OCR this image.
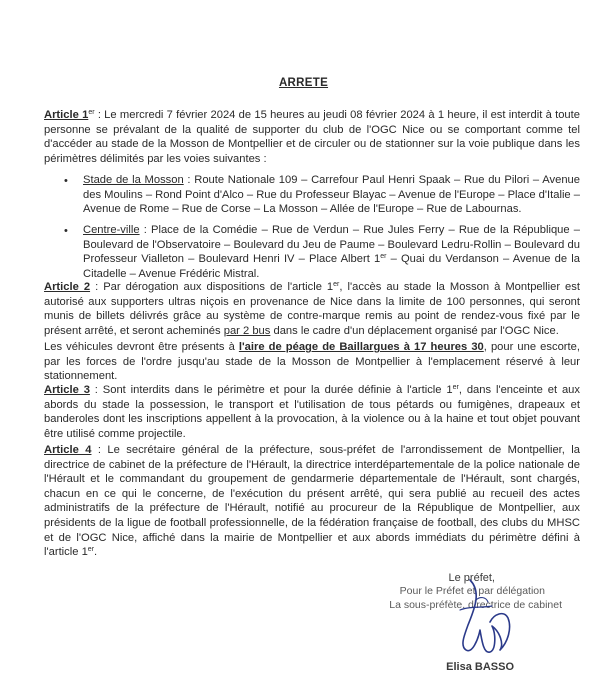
ARRETE
Article 1er : Le mercredi 7 février 2024 de 15 heures au jeudi 08 février 2024 à 1 heure, il est interdit à toute personne se prévalant de la qualité de supporter du club de l'OGC Nice ou se comportant comme tel d'accéder au stade de la Mosson de Montpellier et de circuler ou de stationner sur la voie publique dans les périmètres délimités par les voies suivantes :
• Stade de la Mosson : Route Nationale 109 – Carrefour Paul Henri Spaak – Rue du Pilori – Avenue des Moulins – Rond Point d'Alco – Rue du Professeur Blayac – Avenue de l'Europe – Place d'Italie – Avenue de Rome – Rue de Corse – La Mosson – Allée de l'Europe – Rue de Labournas.
• Centre-ville : Place de la Comédie – Rue de Verdun – Rue Jules Ferry – Rue de la République – Boulevard de l'Observatoire – Boulevard du Jeu de Paume – Boulevard Ledru-Rollin – Boulevard du Professeur Vialleton – Boulevard Henri IV – Place Albert 1er – Quai du Verdanson – Avenue de la Citadelle – Avenue Frédéric Mistral.
Article 2 : Par dérogation aux dispositions de l'article 1er, l'accès au stade la Mosson à Montpellier est autorisé aux supporters ultras niçois en provenance de Nice dans la limite de 100 personnes, qui seront munis de billets délivrés grâce au système de contre-marque remis au point de rendez-vous fixé par le présent arrêté, et seront acheminés par 2 bus dans le cadre d'un déplacement organisé par l'OGC Nice.
Les véhicules devront être présents à l'aire de péage de Baillargues à 17 heures 30, pour une escorte, par les forces de l'ordre jusqu'au stade de la Mosson de Montpellier à l'emplacement réservé à leur stationnement.
Article 3 : Sont interdits dans le périmètre et pour la durée définie à l'article 1er, dans l'enceinte et aux abords du stade la possession, le transport et l'utilisation de tous pétards ou fumigènes, drapeaux et banderoles dont les inscriptions appellent à la provocation, à la violence ou à la haine et tout objet pouvant être utilisé comme projectile.
Article 4 : Le secrétaire général de la préfecture, sous-préfet de l'arrondissement de Montpellier, la directrice de cabinet de la préfecture de l'Hérault, la directrice interdépartementale de la police nationale de l'Hérault et le commandant du groupement de gendarmerie départementale de l'Hérault, sont chargés, chacun en ce qui le concerne, de l'exécution du présent arrêté, qui sera publié au recueil des actes administratifs de la préfecture de l'Hérault, notifié au procureur de la République de Montpellier, aux présidents de la ligue de football professionnelle, de la fédération française de football, des clubs du MHSC et de l'OGC Nice, affiché dans la mairie de Montpellier et aux abords immédiats du périmètre défini à l'article 1er.
Le préfet,
Pour le Préfet et par délégation
La sous-préfète, directrice de cabinet
Elisa BASSO
